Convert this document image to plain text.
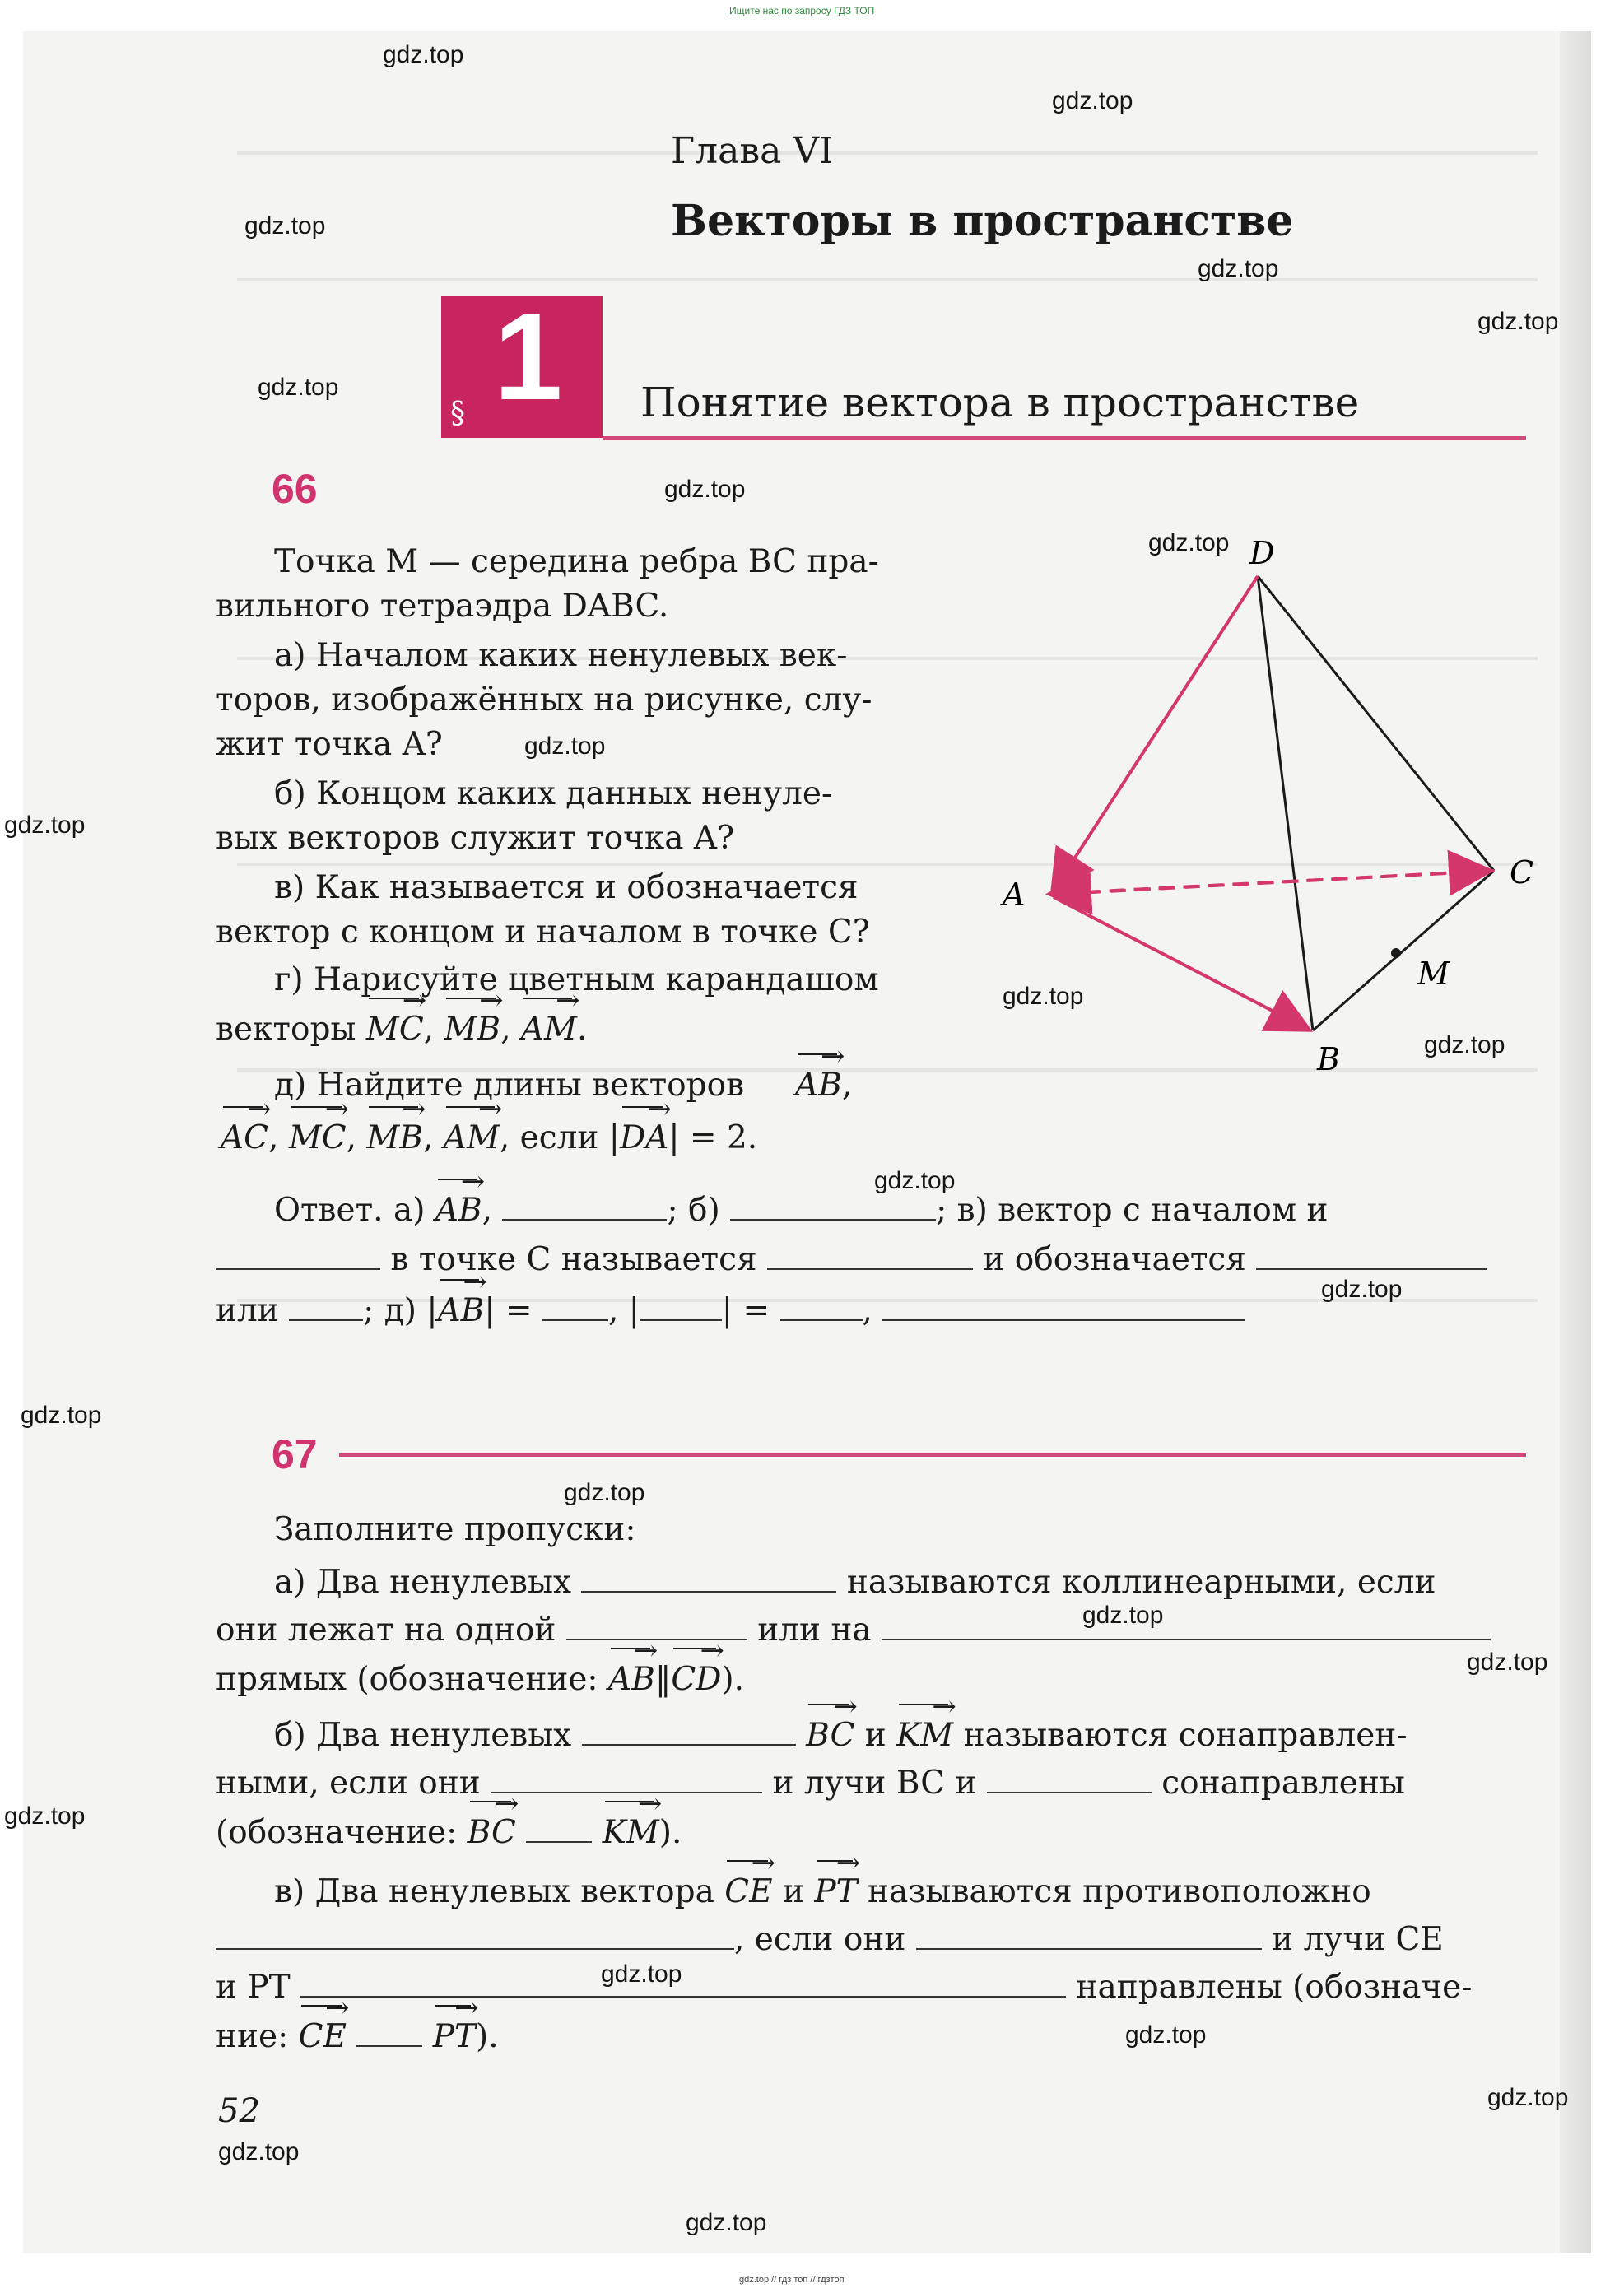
Ищите нас по запросу ГДЗ ТОП
Глава VI
Векторы в пространстве
1
§	Понятие вектора в пространстве
66
Точка M — середина ребра BC пра-
вильного тетраэдра DABC.
а) Началом каких ненулевых век-
торов, изображённых на рисунке, слу-
жит точка A?
б) Концом каких данных ненуле-
вых векторов служит точка A?
в) Как называется и обозначается
вектор с концом и началом в точке C?
г) Нарисуйте цветным карандашом
векторы → MC, → MB, → AM.
д) Найдите длины векторов → AB,
→ AC, → MC, → MB, → AM, если |→ DA| = 2.
Ответ. а) → AB,	; б)	; в) вектор с началом и
в точке C называется	и обозначается
или	; д) |→ AB| = , |	| =	,
D
A
C
B
M
67
Заполните пропуски:
а) Два ненулевых	называются коллинеарными, если
они лежат на одной	или на
прямых (обозначение: → AB‖→ CD).
б) Два ненулевых	→ BC и → KM называются сонаправлен-
ными, если они	и лучи BC и	сонаправлены
(обозначение: → BC	→ KM).
в) Два ненулевых вектора → CE и → PT называются противоположно
, если они	и лучи CE
и PT	направлены (обозначе-
ние: → CE	→ PT).
52
gdz.top
gdz.top
gdz.top
gdz.top
gdz.top
gdz.top
gdz.top
gdz.top
gdz.top
gdz.top
gdz.top
gdz.top
gdz.top
gdz.top
gdz.top
gdz.top
gdz.top
gdz.top
gdz.top
gdz.top
gdz.top
gdz.top
gdz.top
gdz.top
gdz.top // гдз топ // гдзтоп
